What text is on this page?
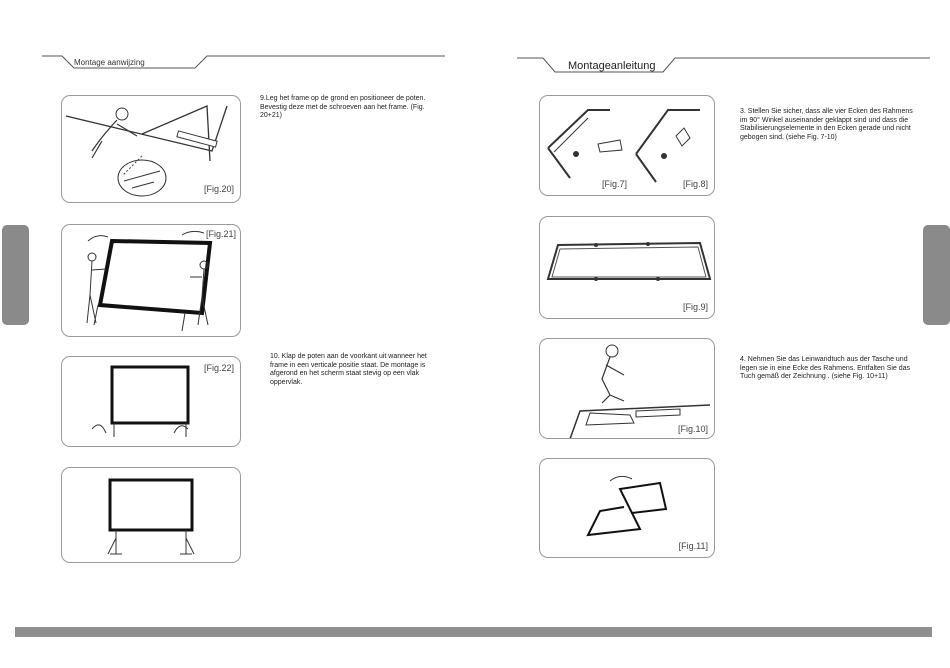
Montage aanwijzing	Montageanleitung
[Fig.20]
[Fig.21]
[Fig.22]
9.Leg het frame op de grond en positioneer de poten. Bevestig deze met de schroeven aan het frame. (Fig. 20+21)
10. Klap de poten aan de voorkant uit wanneer het frame in een verticale positie staat. De montage is afgerond en het scherm staat stevig op een vlak oppervlak.
[Fig.7]	[Fig.8]
[Fig.9]
[Fig.10]
[Fig.11]
3. Stellen Sie sicher, dass alle vier Ecken des Rahmens im 90° Winkel auseinander geklappt sind und dass die Stabilisierungselemente in den Ecken gerade und nicht gebogen sind. (siehe Fig. 7-10)
4. Nehmen Sie das Leinwandtuch aus der Tasche und legen sie in eine Ecke des Rahmens. Entfalten Sie das Tuch gemäß der Zeichnung . (siehe Fig. 10+11)
